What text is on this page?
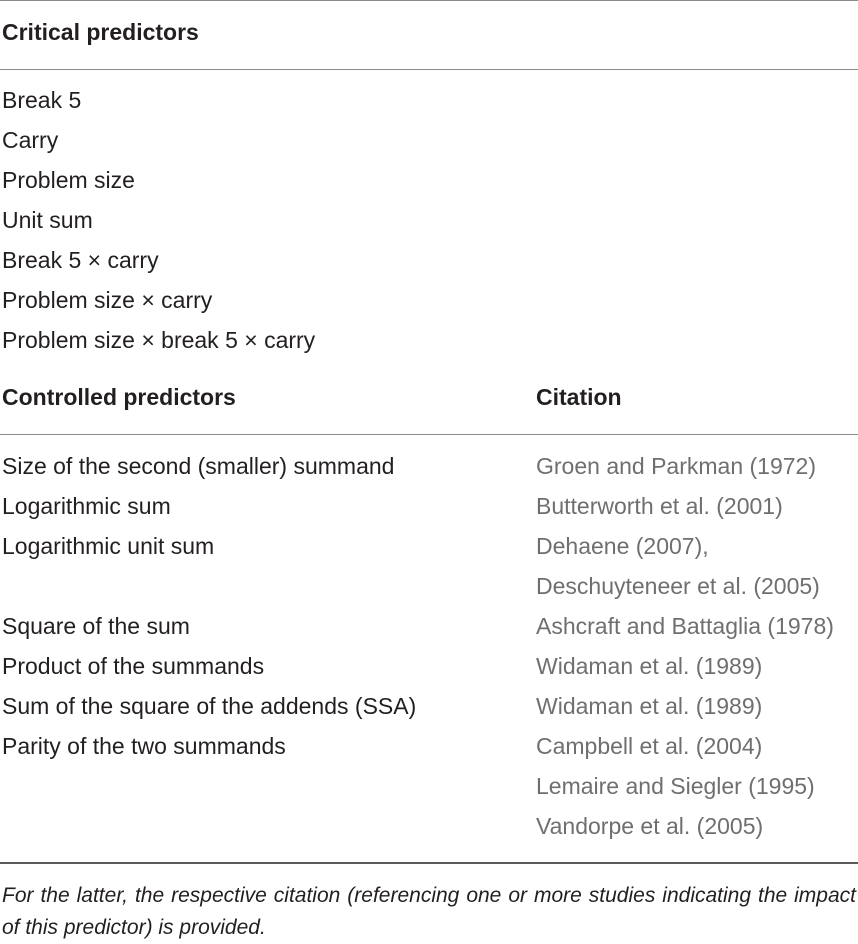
Critical predictors
Break 5
Carry
Problem size
Unit sum
Break 5 × carry
Problem size × carry
Problem size × break 5 × carry
Controlled predictors	Citation
Size of the second (smaller) summand	Groen and Parkman (1972)
Logarithmic sum	Butterworth et al. (2001)
Logarithmic unit sum	Dehaene (2007),
Deschuyteneer et al. (2005)
Square of the sum	Ashcraft and Battaglia (1978)
Product of the summands	Widaman et al. (1989)
Sum of the square of the addends (SSA)	Widaman et al. (1989)
Parity of the two summands	Campbell et al. (2004)
Lemaire and Siegler (1995)
Vandorpe et al. (2005)
For the latter, the respective citation (referencing one or more studies indicating the impact of this predictor) is provided.
